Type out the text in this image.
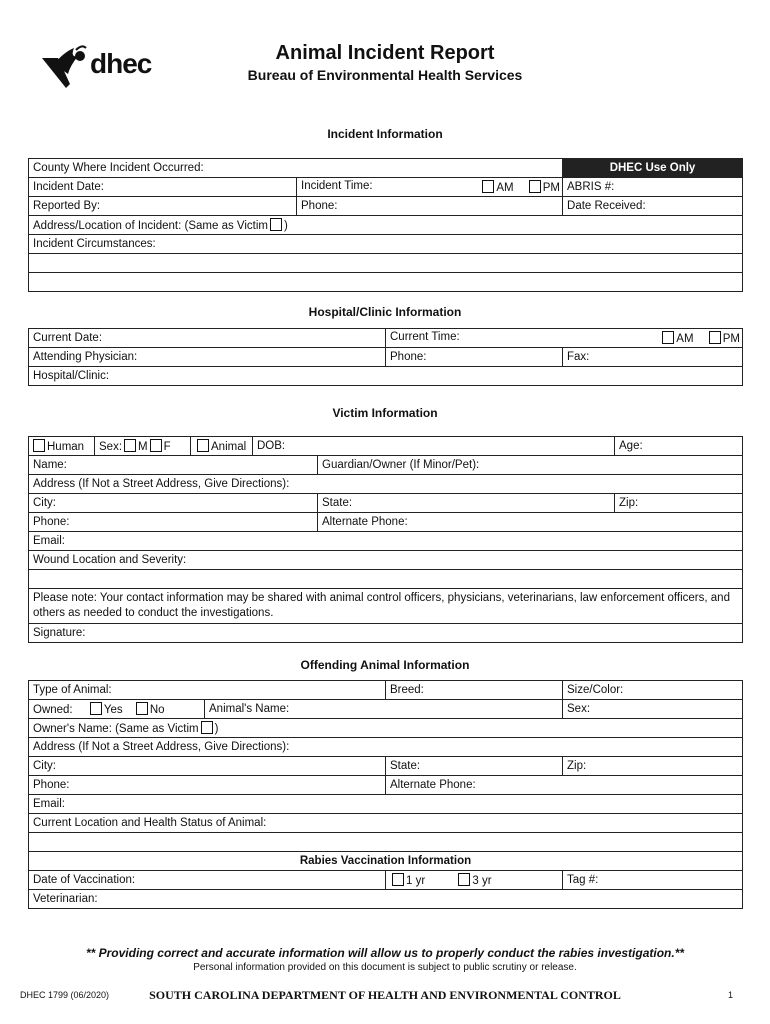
dhec	Animal Incident Report
Bureau of Environmental Health Services
Incident Information
County Where Incident Occurred:		DHEC Use Only
Incident Date:	Incident Time: AM PM	ABRIS #:
Reported By:	Phone:	Date Received:
Address/Location of Incident: (Same as Victim )		
Incident Circumstances:		

Hospital/Clinic Information
Current Date:	Current Time: AM PM	

Attending Physician:	Phone:	Fax:
Hospital/Clinic:		
Victim Information
Human	Sex: M F	Animal	DOB:		Age:
Name:				Guardian/Owner (If Minor/Pet):	
Address (If Not a Street Address, Give Directions):					
City:				State:	Zip:
Phone:				Alternate Phone:	
Email:					
Wound Location and Severity:					

Please note: Your contact information may be shared with animal control officers, physicians, veterinarians, law enforcement officers, and others as needed to conduct the investigations.					
Signature:					
Offending Animal Information
Type of Animal:		Breed:	Size/Color:
Owned: Yes No	Animal's Name:		Sex:
Owner's Name: (Same as Victim )			
Address (If Not a Street Address, Give Directions):			
City:		State:	Zip:
Phone:		Alternate Phone:	
Email:			
Current Location and Health Status of Animal:			

Rabies Vaccination Information			
Date of Vaccination:		1 yr 3 yr	Tag #:
Veterinarian:			
** Providing correct and accurate information will allow us to properly conduct the rabies investigation.**
Personal information provided on this document is subject to public scrutiny or release.
DHEC 1799 (06/2020)	SOUTH CAROLINA DEPARTMENT OF HEALTH AND ENVIRONMENTAL CONTROL	1
